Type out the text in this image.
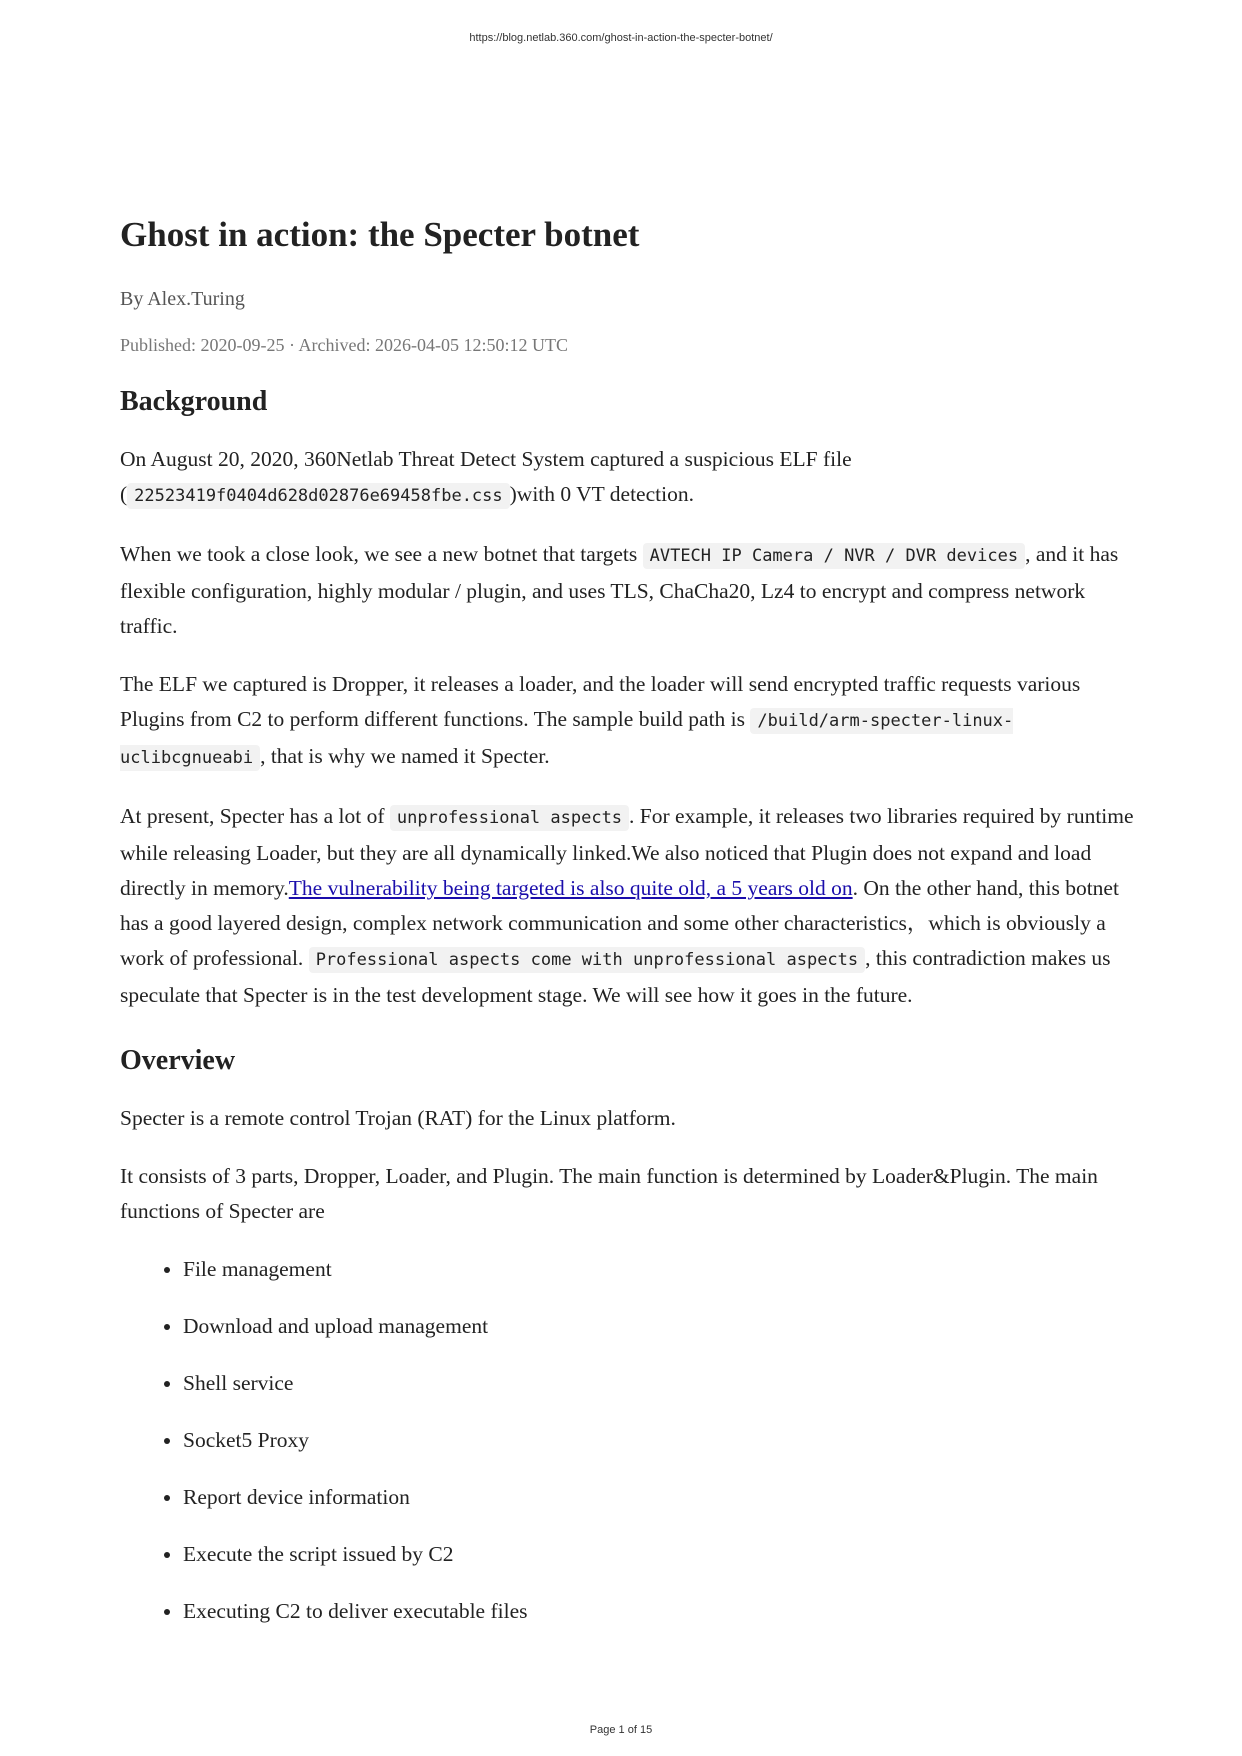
https://blog.netlab.360.com/ghost-in-action-the-specter-botnet/
Ghost in action: the Specter botnet
By Alex.Turing
Published: 2020-09-25 · Archived: 2026-04-05 12:50:12 UTC
Background

On August 20, 2020, 360Netlab Threat Detect System captured a suspicious ELF file ( 22523419f0404d628d02876e69458fbe.css )with 0 VT detection.

When we took a close look, we see a new botnet that targets AVTECH IP Camera / NVR / DVR devices , and it has flexible configuration, highly modular / plugin, and uses TLS, ChaCha20, Lz4 to encrypt and compress network traffic.

The ELF we captured is Dropper, it releases a loader, and the loader will send encrypted traffic requests various Plugins from C2 to perform different functions. The sample build path is /build/arm-specter-linux-uclibcgnueabi , that is why we named it Specter.

At present, Specter has a lot of unprofessional aspects . For example, it releases two libraries required by runtime while releasing Loader, but they are all dynamically linked.We also noticed that Plugin does not expand and load directly in memory.The vulnerability being targeted is also quite old, a 5 years old on. On the other hand, this botnet has a good layered design, complex network communication and some other characteristics，which is obviously a work of professional. Professional aspects come with unprofessional aspects , this contradiction makes us speculate that Specter is in the test development stage. We will see how it goes in the future.

Overview

Specter is a remote control Trojan (RAT) for the Linux platform.

It consists of 3 parts, Dropper, Loader, and Plugin. The main function is determined by Loader&Plugin. The main functions of Specter are

• File management
• Download and upload management
• Shell service
• Socket5 Proxy
• Report device information
• Execute the script issued by C2
• Executing C2 to deliver executable files
Page 1 of 15
